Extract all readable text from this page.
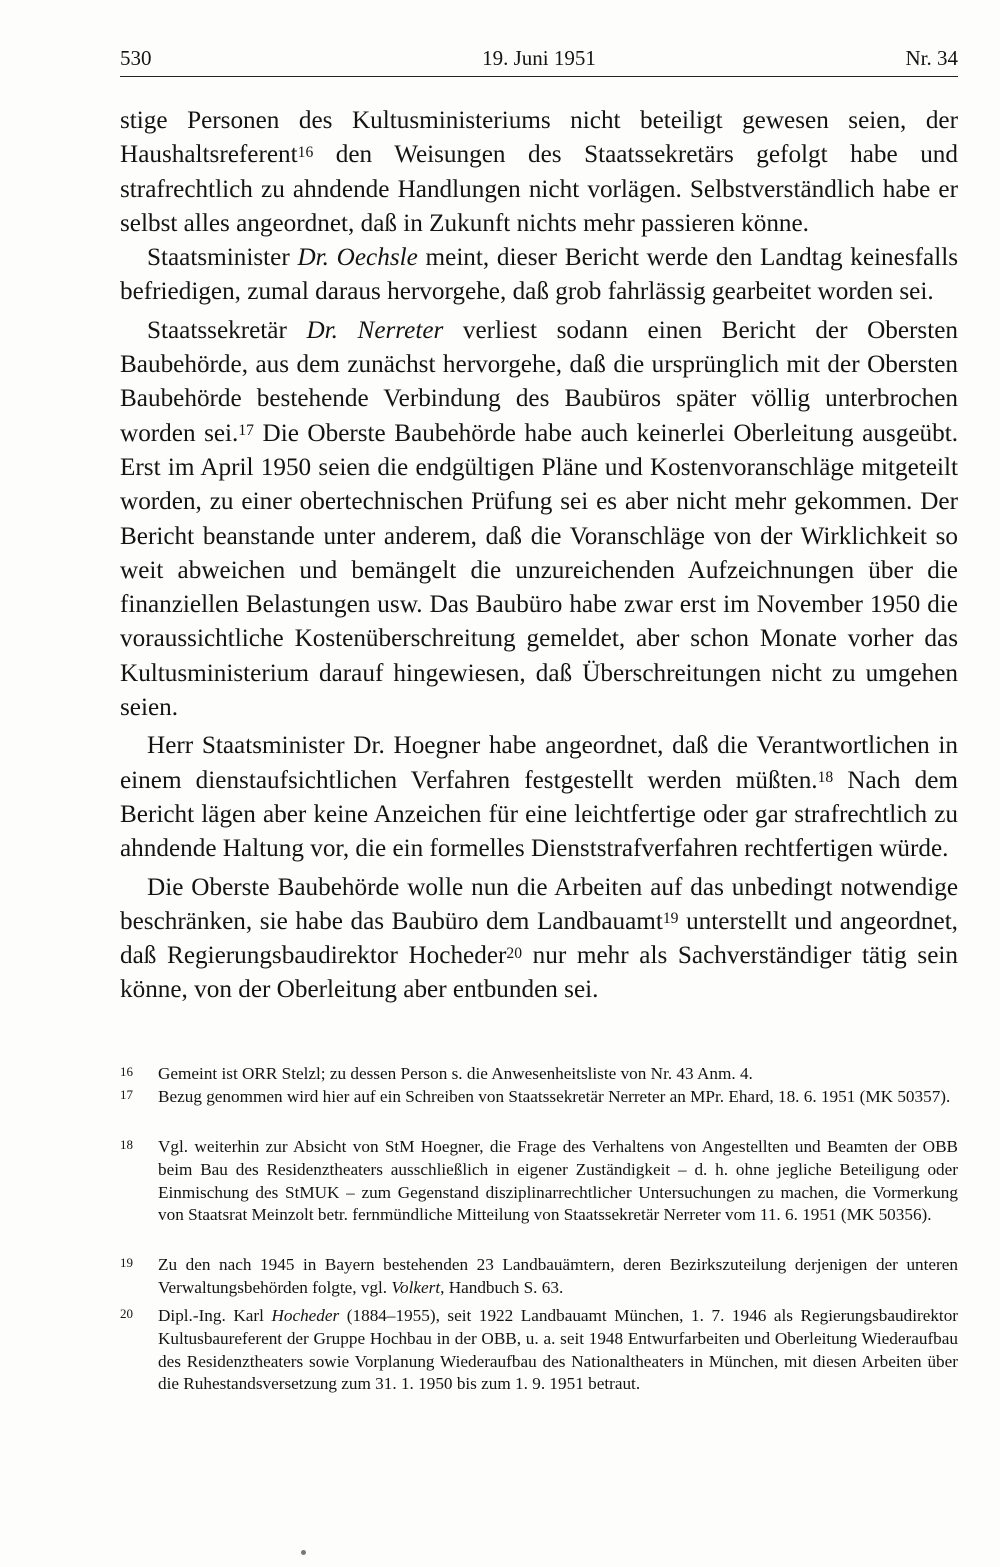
530	19. Juni 1951	Nr. 34

stige Personen des Kultusministeriums nicht beteiligt gewesen seien, der Haushaltsreferent$^{16}$ den Weisungen des Staatssekretärs gefolgt habe und strafrechtlich zu ahndende Handlungen nicht vorlägen. Selbstverständlich habe er selbst alles angeordnet, daß in Zukunft nichts mehr passieren könne.

Staatsminister Dr. Oechsle meint, dieser Bericht werde den Landtag keinesfalls befriedigen, zumal daraus hervorgehe, daß grob fahrlässig gearbeitet worden sei.

Staatssekretär Dr. Nerreter verliest sodann einen Bericht der Obersten Baubehörde, aus dem zunächst hervorgehe, daß die ursprünglich mit der Obersten Baubehörde bestehende Verbindung des Baubüros später völlig unterbrochen worden sei.$^{17}$ Die Oberste Baubehörde habe auch keinerlei Oberleitung ausgeübt. Erst im April 1950 seien die endgültigen Pläne und Kostenvoranschläge mitgeteilt worden, zu einer obertechnischen Prüfung sei es aber nicht mehr gekommen. Der Bericht beanstande unter anderem, daß die Voranschläge von der Wirklichkeit so weit abweichen und bemängelt die unzureichenden Aufzeichnungen über die finanziellen Belastungen usw. Das Baubüro habe zwar erst im November 1950 die voraussichtliche Kostenüberschreitung gemeldet, aber schon Monate vorher das Kultusministerium darauf hingewiesen, daß Überschreitungen nicht zu umgehen seien.

Herr Staatsminister Dr. Hoegner habe angeordnet, daß die Verantwortlichen in einem dienstaufsichtlichen Verfahren festgestellt werden müßten.$^{18}$ Nach dem Bericht lägen aber keine Anzeichen für eine leichtfertige oder gar strafrechtlich zu ahndende Haltung vor, die ein formelles Dienststrafverfahren rechtfertigen würde.

Die Oberste Baubehörde wolle nun die Arbeiten auf das unbedingt notwendige beschränken, sie habe das Baubüro dem Landbauamt$^{19}$ unterstellt und angeordnet, daß Regierungsbaudirektor Hocheder$^{20}$ nur mehr als Sachverständiger tätig sein könne, von der Oberleitung aber entbunden sei.

16 Gemeint ist ORR Stelzl; zu dessen Person s. die Anwesenheitsliste von Nr. 43 Anm. 4.
17 Bezug genommen wird hier auf ein Schreiben von Staatssekretär Nerreter an MPr. Ehard, 18. 6. 1951 (MK 50357).
18 Vgl. weiterhin zur Absicht von StM Hoegner, die Frage des Verhaltens von Angestellten und Beamten der OBB beim Bau des Residenztheaters ausschließlich in eigener Zuständigkeit – d. h. ohne jegliche Beteiligung oder Einmischung des StMUK – zum Gegenstand disziplinarrechtlicher Untersuchungen zu machen, die Vormerkung von Staatsrat Meinzolt betr. fernmündliche Mitteilung von Staatssekretär Nerreter vom 11. 6. 1951 (MK 50356).
19 Zu den nach 1945 in Bayern bestehenden 23 Landbauämtern, deren Bezirkszuteilung derjenigen der unteren Verwaltungsbehörden folgte, vgl. Volkert, Handbuch S. 63.
20 Dipl.-Ing. Karl Hocheder (1884–1955), seit 1922 Landbauamt München, 1. 7. 1946 als Regierungsbaudirektor Kultusbaureferent der Gruppe Hochbau in der OBB, u. a. seit 1948 Entwurfarbeiten und Oberleitung Wiederaufbau des Residenztheaters sowie Vorplanung Wiederaufbau des Nationaltheaters in München, mit diesen Arbeiten über die Ruhestandsversetzung zum 31. 1. 1950 bis zum 1. 9. 1951 betraut.
